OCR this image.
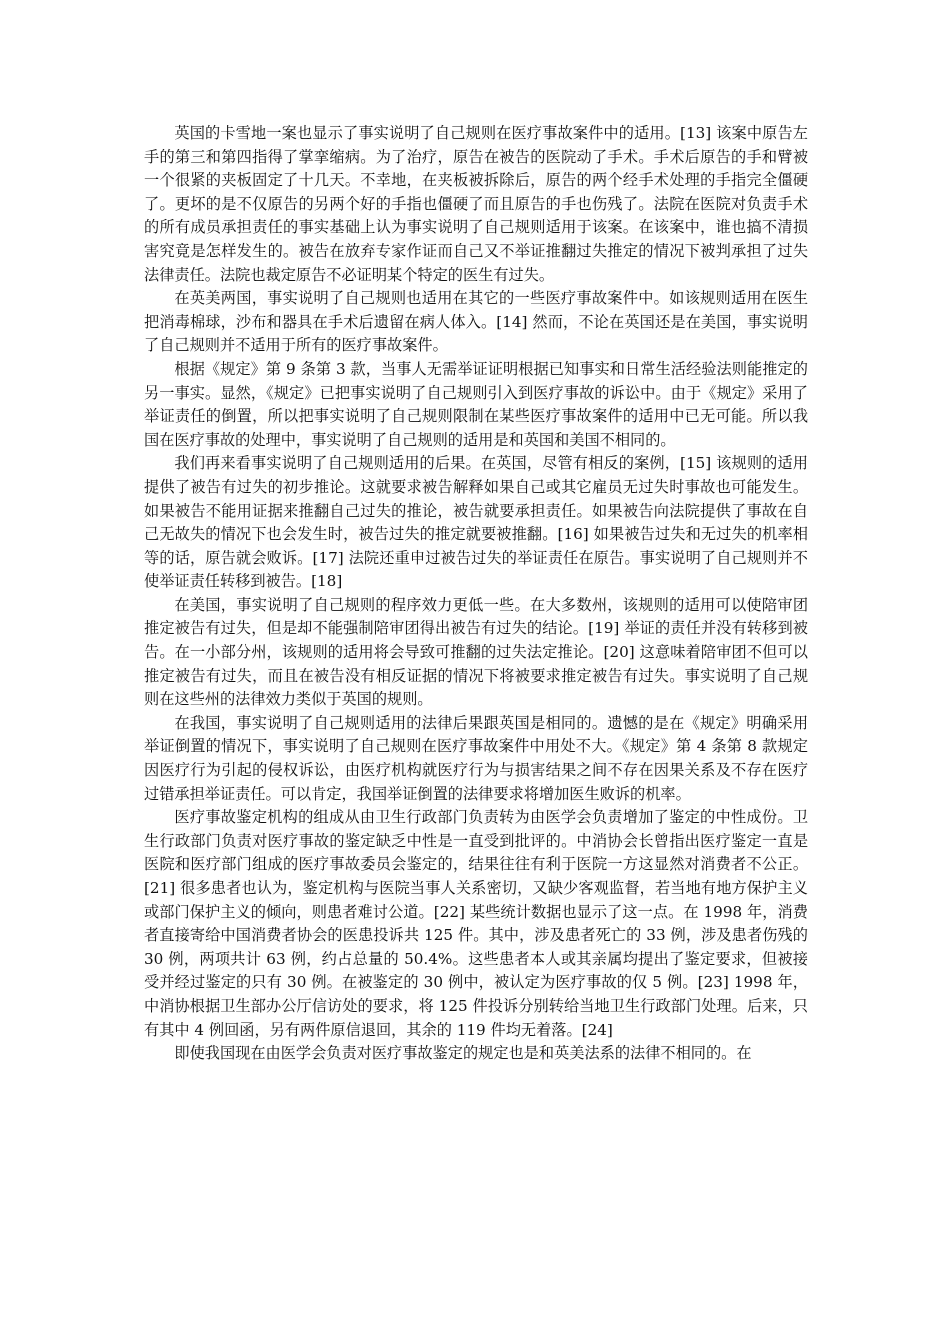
英国的卡雪地一案也显示了事实说明了自己规则在医疗事故案件中的适用。[13] 该案中原告左手的第三和第四指得了掌挛缩病。为了治疗，原告在被告的医院动了手术。手术后原告的手和臂被一个很紧的夹板固定了十几天。不幸地，在夹板被拆除后，原告的两个经手术处理的手指完全僵硬了。更坏的是不仅原告的另两个好的手指也僵硬了而且原告的手也伤残了。法院在医院对负责手术的所有成员承担责任的事实基础上认为事实说明了自己规则适用于该案。在该案中，谁也搞不清损害究竟是怎样发生的。被告在放弃专家作证而自己又不举证推翻过失推定的情况下被判承担了过失法律责任。法院也裁定原告不必证明某个特定的医生有过失。

在英美两国，事实说明了自己规则也适用在其它的一些医疗事故案件中。如该规则适用在医生把消毒棉球，沙布和器具在手术后遗留在病人体入。[14] 然而，不论在英国还是在美国，事实说明了自己规则并不适用于所有的医疗事故案件。

根据《规定》第 9 条第 3 款，当事人无需举证证明根据已知事实和日常生活经验法则能推定的另一事实。显然，《规定》已把事实说明了自己规则引入到医疗事故的诉讼中。由于《规定》采用了举证责任的倒置，所以把事实说明了自己规则限制在某些医疗事故案件的适用中已无可能。所以我国在医疗事故的处理中，事实说明了自己规则的适用是和英国和美国不相同的。

我们再来看事实说明了自己规则适用的后果。在英国，尽管有相反的案例，[15] 该规则的适用提供了被告有过失的初步推论。这就要求被告解释如果自己或其它雇员无过失时事故也可能发生。如果被告不能用证据来推翻自己过失的推论，被告就要承担责任。如果被告向法院提供了事故在自己无故失的情况下也会发生时，被告过失的推定就要被推翻。[16] 如果被告过失和无过失的机率相等的话，原告就会败诉。[17] 法院还重申过被告过失的举证责任在原告。事实说明了自己规则并不使举证责任转移到被告。[18]

在美国，事实说明了自己规则的程序效力更低一些。在大多数州，该规则的适用可以使陪审团推定被告有过失，但是却不能强制陪审团得出被告有过失的结论。[19] 举证的责任并没有转移到被告。在一小部分州，该规则的适用将会导致可推翻的过失法定推论。[20] 这意味着陪审团不但可以推定被告有过失，而且在被告没有相反证据的情况下将被要求推定被告有过失。事实说明了自己规则在这些州的法律效力类似于英国的规则。

在我国，事实说明了自己规则适用的法律后果跟英国是相同的。遗憾的是在《规定》明确采用举证倒置的情况下，事实说明了自己规则在医疗事故案件中用处不大。《规定》第 4 条第 8 款规定因医疗行为引起的侵权诉讼，由医疗机构就医疗行为与损害结果之间不存在因果关系及不存在医疗过错承担举证责任。可以肯定，我国举证倒置的法律要求将增加医生败诉的机率。

医疗事故鉴定机构的组成从由卫生行政部门负责转为由医学会负责增加了鉴定的中性成份。卫生行政部门负责对医疗事故的鉴定缺乏中性是一直受到批评的。中消协会长曾指出医疗鉴定一直是医院和医疗部门组成的医疗事故委员会鉴定的，结果往往有利于医院一方这显然对消费者不公正。[21] 很多患者也认为，鉴定机构与医院当事人关系密切，又缺少客观监督，若当地有地方保护主义或部门保护主义的倾向，则患者难讨公道。[22] 某些统计数据也显示了这一点。在 1998 年，消费者直接寄给中国消费者协会的医患投诉共 125 件。其中，涉及患者死亡的 33 例，涉及患者伤残的 30 例，两项共计 63 例，约占总量的 50.4%。这些患者本人或其亲属均提出了鉴定要求，但被接受并经过鉴定的只有 30 例。在被鉴定的 30 例中，被认定为医疗事故的仅 5 例。[23] 1998 年，中消协根据卫生部办公厅信访处的要求，将 125 件投诉分别转给当地卫生行政部门处理。后来，只有其中 4 例回函，另有两件原信退回，其余的 119 件均无着落。[24]

即使我国现在由医学会负责对医疗事故鉴定的规定也是和英美法系的法律不相同的。在
